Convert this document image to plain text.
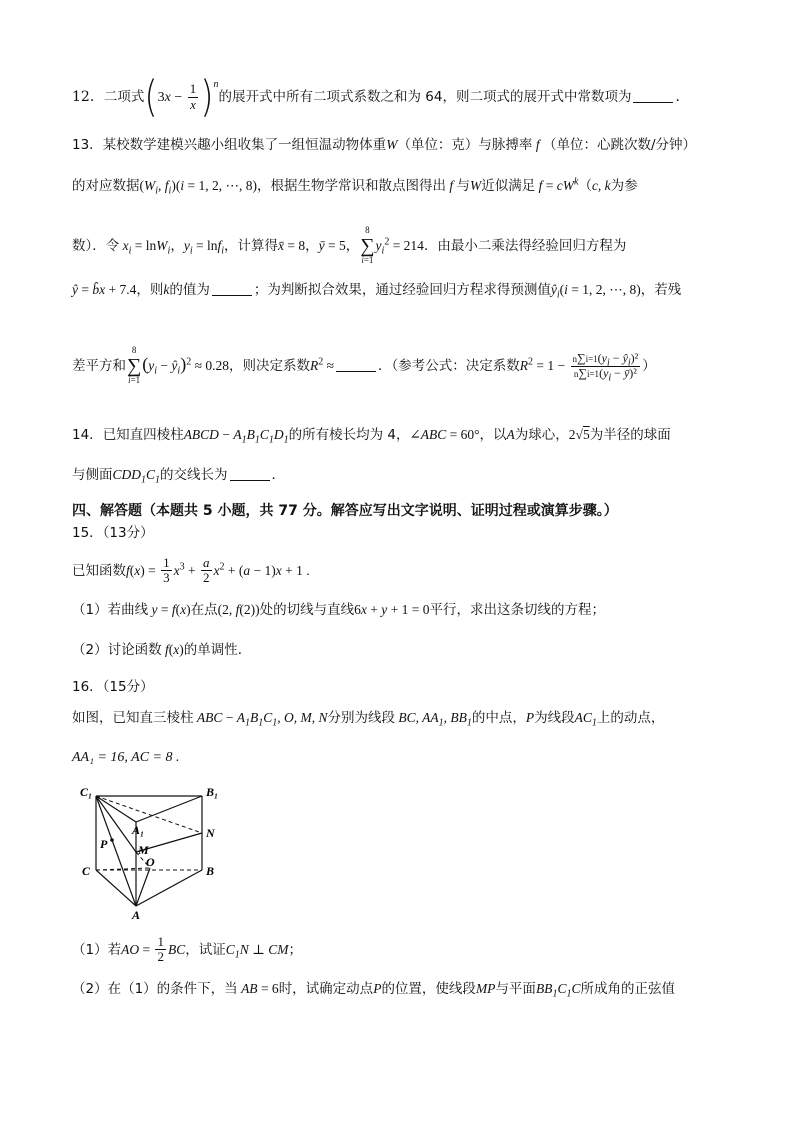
12．二项式$(3x - \frac{1}{x} )^n$的展开式中所有二项式系数之和为 64，则二项式的展开式中常数项为	．
13．某校数学建模兴趣小组收集了一组恒温动物体重W（单位：克）与脉搏率 f （单位：心跳次数/分钟）
的对应数据($W_i$, $f_i)(i = 1$, 2, ⋯, 8)，根据生物学常识和散点图得出 f 与W近似满足 $f = cW^k(c$, k为参
数）．令 $x_i = \ln W_i$，$y_i = \ln f_i$，计算得x̄ = 8，ȳ = 5，8
∑
$i=1y_i^2 = 214$．由最小二乘法得经验回归方程为
ŷ = b̂x + 7.4，则k的值为	；为判断拟合效果，通过经验回归方程求得预测值$ŷ_i(i = 1$, 2, ⋯, 8)，若残
差平方和8
∑
$i=1(y_i$ − $ŷ_i)^2 \approx 0.28$，则决定系数$R^2$ ≈	．（参考公式：决定系数$R^2 = 1 - \frac{n\sum i=1(y_i - ŷ_i)^2}{n\sum i=1(y_i - ȳ)^2}$ ）
14．已知直四棱柱ABCD − $A_1B_1C_1D_1$的所有棱长均为 4，∠ABC = 60°，以A为球心，2√5为半径的球面
与侧面$CDD_1C_1$的交线长为	．
四、解答题（本题共 5 小题，共 77 分。解答应写出文字说明、证明过程或演算步骤。）
15．（13分）
已知函数$f(x) = \frac{1}{3} x^3 + \frac{a}{2} x^2 + (a - 1)x + 1$ .
（1）若曲线 y = f(x)在点(2, f(2))处的切线与直线6x + y + 1 = 0平行，求出这条切线的方程；
（2）讨论函数 f(x)的单调性．
16．（15分）
如图，已知直三棱柱 ABC − $A_1B_1C_1$, O, M, N分别为线段 BC, $AA_1$, $BB_1$的中点，P为线段$AC_1$上的动点，
AA₁ = 16, AC = 8 .
C₁	B₁
A₁	N
P	M
O
C	B
A
（1）若AO = $\frac{1}{2}$ BC，试证$C_1N$ ⊥ CM；
（2）在（1）的条件下，当 AB = 6时，试确定动点P的位置，使线段MP与平面$BB_1C_1C$所成角的正弦值
